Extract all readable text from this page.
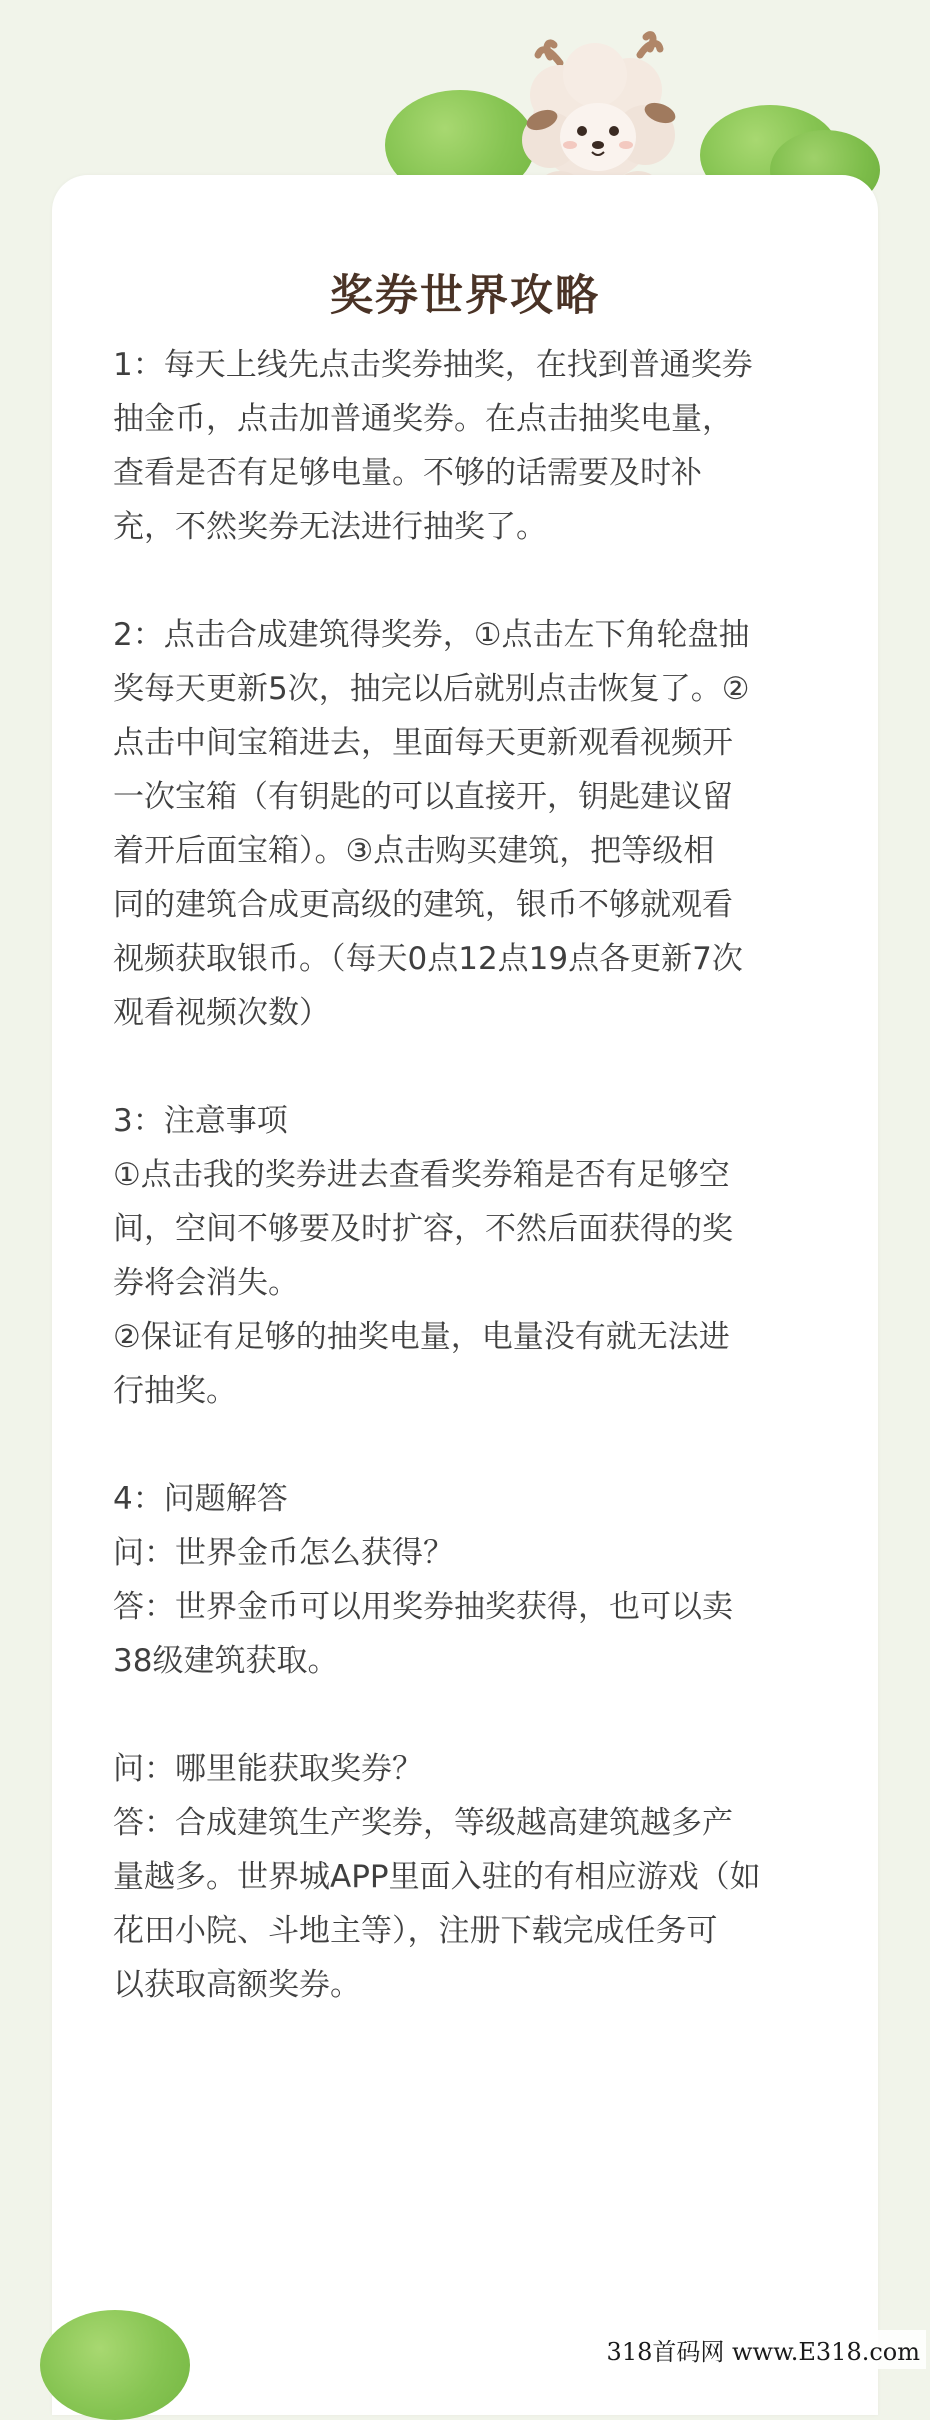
奖券世界攻略

1：每天上线先点击奖券抽奖，在找到普通奖券
抽金币，点击加普通奖券。在点击抽奖电量，
查看是否有足够电量。不够的话需要及时补
充，不然奖券无法进行抽奖了。

2：点击合成建筑得奖券，①点击左下角轮盘抽
奖每天更新5次，抽完以后就别点击恢复了。②
点击中间宝箱进去，里面每天更新观看视频开
一次宝箱（有钥匙的可以直接开，钥匙建议留
着开后面宝箱）。③点击购买建筑，把等级相
同的建筑合成更高级的建筑，银币不够就观看
视频获取银币。（每天0点12点19点各更新7次
观看视频次数）

3：注意事项
①点击我的奖券进去查看奖券箱是否有足够空
间，空间不够要及时扩容，不然后面获得的奖
券将会消失。
②保证有足够的抽奖电量，电量没有就无法进
行抽奖。

4：问题解答
问：世界金币怎么获得？
答：世界金币可以用奖券抽奖获得，也可以卖
38级建筑获取。

问：哪里能获取奖券？
答：合成建筑生产奖券，等级越高建筑越多产
量越多。世界城APP里面入驻的有相应游戏（如
花田小院、斗地主等），注册下载完成任务可
以获取高额奖券。

318首码网 www.E318.com
